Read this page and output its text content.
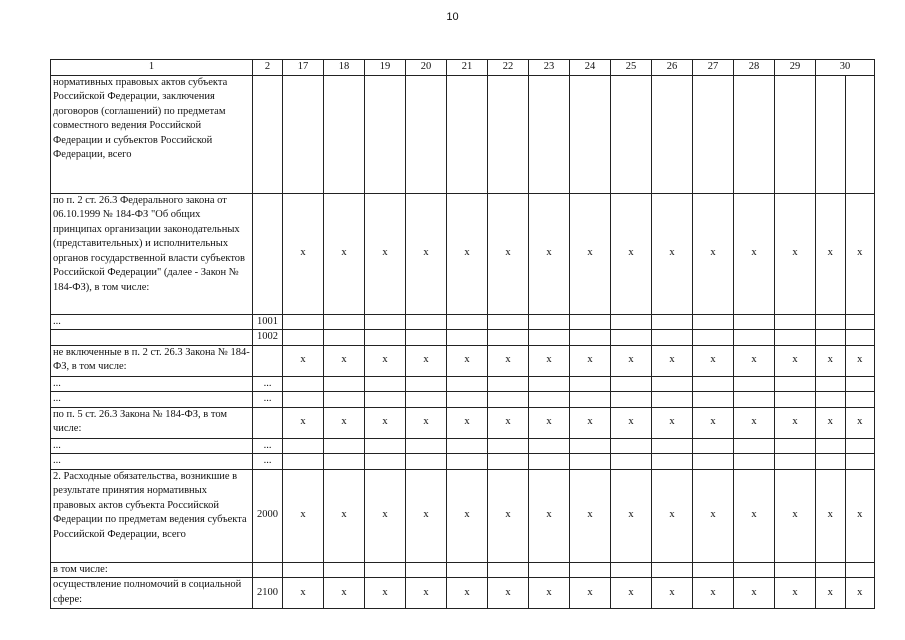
10
1	2	17	18	19	20	21	22	23	24	25	26	27	28	29	30
нормативных правовых актов субъекта Российской Федерации, заключения договоров (соглашений) по предметам совместного ведения Российской Федерации и субъектов Российской Федерации, всего															

по п. 2 ст. 26.3 Федерального закона от 06.10.1999 № 184-ФЗ "Об общих принципах организации законодательных (представительных) и исполнительных органов государственной власти субъектов Российской Федерации" (далее - Закон № 184-ФЗ), в том числе:		x	x	x	x	x	x	x	x	x	x	x	x	x	x x

...	1001														

	1002														

не включенные в п. 2 ст. 26.3 Закона № 184-ФЗ, в том числе:		x	x	x	x	x	x	x	x	x	x	x	x	x	x x

...	...														

...	...														

по п. 5 ст. 26.3 Закона № 184-ФЗ, в том числе:		x	x	x	x	x	x	x	x	x	x	x	x	x	x x

...	...														

...	...														

2. Расходные обязательства, возникшие в результате принятия нормативных правовых актов субъекта Российской Федерации по предметам ведения субъекта Российской Федерации, всего	2000	x	x	x	x	x	x	x	x	x	x	x	x	x	x x

в том числе:															

осуществление полномочий в социальной сфере:	2100	x	x	x	x	x	x	x	x	x	x	x	x	x	x x
